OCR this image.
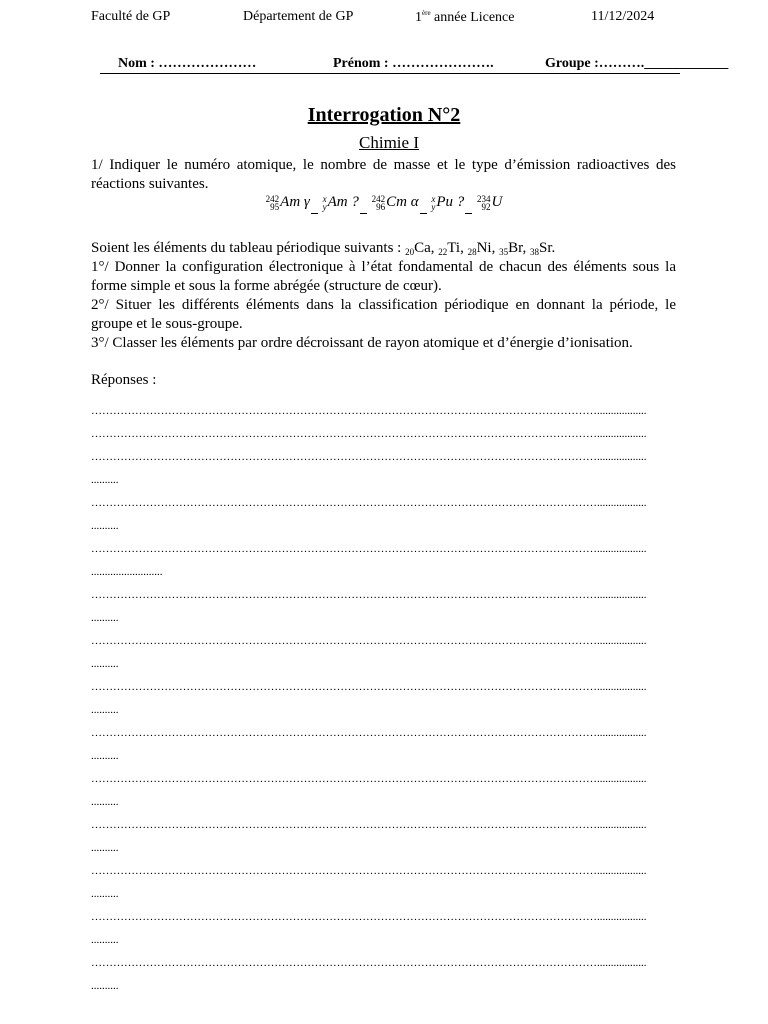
Faculté de GP	Département de GP	1ère année Licence	11/12/2024
Nom : …………………	Prénom : ………………….	Groupe :……….____________
Interrogation N°2
Chimie I
1/ Indiquer le numéro atomique, le nombre de masse et le type d’émission radioactives des réactions suivantes.
242
95 Am γ x
y Am ? 242
96 Cm α x
y Pu ? 234
92 U
Soient les éléments du tableau périodique suivants : $_{20}$Ca, $_{22}$Ti, $_{28}$Ni, $_{35}$Br, $_{38}$Sr.
1°/ Donner la configuration électronique à l’état fondamental de chacun des éléments sous la forme simple et sous la forme abrégée (structure de cœur).
2°/ Situer les différents éléments dans la classification périodique en donnant la période, le groupe et le sous-groupe.
3°/ Classer les éléments par ordre décroissant de rayon atomique et d’énergie d’ionisation.
Réponses :
…………………………………………………………………………………………………………………………..................
…………………………………………………………………………………………………………………………..................
…………………………………………………………………………………………………………………………..................
..........
…………………………………………………………………………………………………………………………..................
..........
…………………………………………………………………………………………………………………………..................
..........................
…………………………………………………………………………………………………………………………..................
..........
…………………………………………………………………………………………………………………………..................
..........
…………………………………………………………………………………………………………………………..................
..........
…………………………………………………………………………………………………………………………..................
..........
…………………………………………………………………………………………………………………………..................
..........
…………………………………………………………………………………………………………………………..................
..........
…………………………………………………………………………………………………………………………..................
..........
…………………………………………………………………………………………………………………………..................
..........
…………………………………………………………………………………………………………………………..................
..........
